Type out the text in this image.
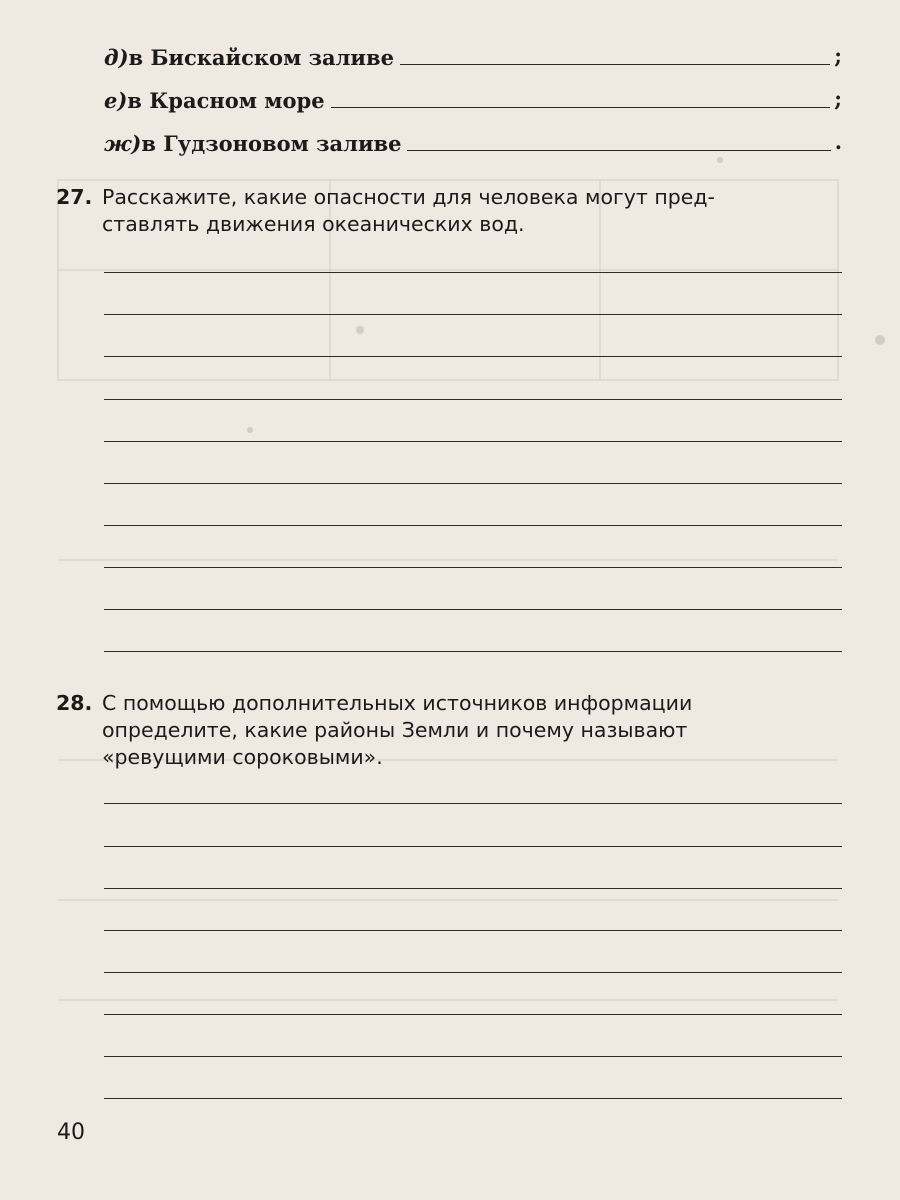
д) в Бискайском заливе	;
е) в Красном море	;
ж) в Гудзоновом заливе	.
27. Расскажите, какие опасности для человека могут пред-
ставлять движения океанических вод.
28. С помощью дополнительных источников информации
определите, какие районы Земли и почему называют
«ревущими сороковыми».
40
